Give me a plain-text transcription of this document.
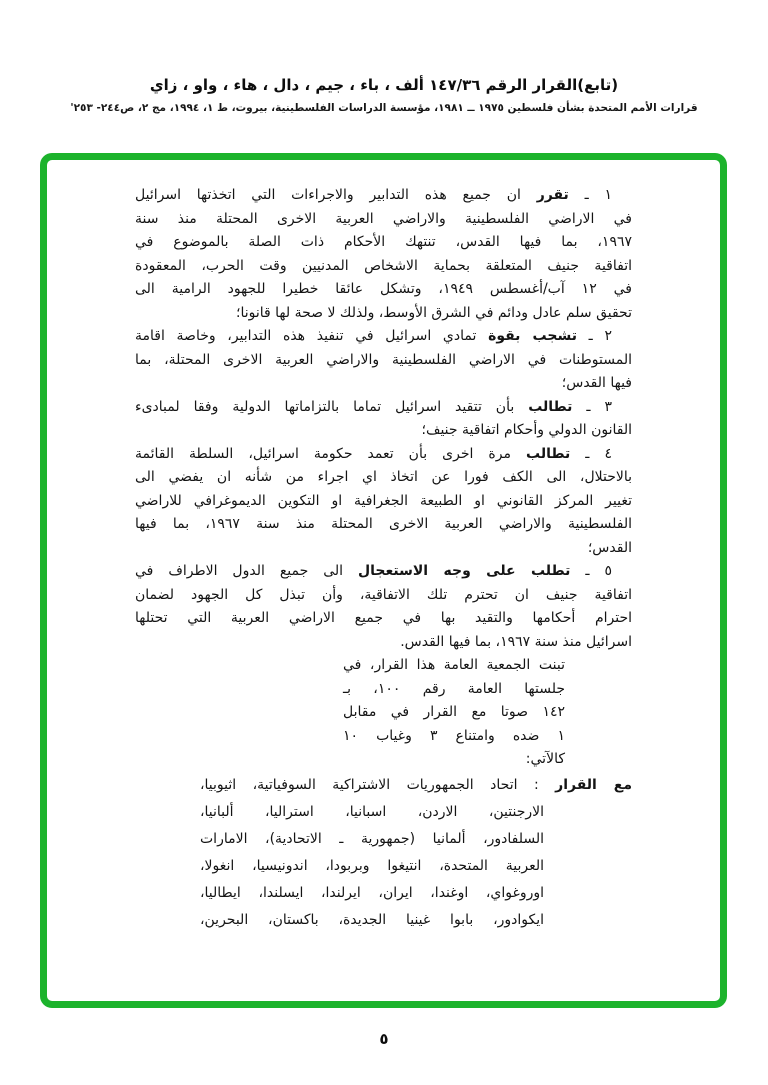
(تابع)القرار الرقم ١٤٧/٣٦ ألف ، باء ، جيم ، دال ، هاء ، واو ، زاي
قرارات الأمم المتحدة بشأن فلسطين ١٩٧٥ ــ ١٩٨١، مؤسسة الدراسات الفلسطينية، بيروت، ط ١، ١٩٩٤، مج ٢، ص٢٤٤- ٢٥٣'
١ ـ تقرر ان جميع هذه التدابير والاجراءات التي اتخذتها اسرائيل
في الاراضي الفلسطينية والاراضي العربية الاخرى المحتلة منذ سنة
١٩٦٧، بما فيها القدس، تنتهك الأحكام ذات الصلة بالموضوع في
اتفاقية جنيف المتعلقة بحماية الاشخاص المدنيين وقت الحرب، المعقودة
في ١٢ آب/أغسطس ١٩٤٩، وتشكل عائقا خطيرا للجهود الرامية الى
تحقيق سلم عادل ودائم في الشرق الأوسط، ولذلك لا صحة لها قانونا؛
٢ ـ تشجب بقوة تمادي اسرائيل في تنفيذ هذه التدابير، وخاصة اقامة
المستوطنات في الاراضي الفلسطينية والاراضي العربية الاخرى المحتلة، بما
فيها القدس؛
٣ ـ تطالب بأن تتقيد اسرائيل تماما بالتزاماتها الدولية وفقا لمبادىء
القانون الدولي وأحكام اتفاقية جنيف؛
٤ ـ تطالب مرة اخرى بأن تعمد حكومة اسرائيل، السلطة القائمة
بالاحتلال، الى الكف فورا عن اتخاذ اي اجراء من شأنه ان يفضي الى
تغيير المركز القانوني او الطبيعة الجغرافية او التكوين الديموغرافي للاراضي
الفلسطينية والاراضي العربية الاخرى المحتلة منذ سنة ١٩٦٧، بما فيها
القدس؛
٥ ـ تطلب على وجه الاستعجال الى جميع الدول الاطراف في
اتفاقية جنيف ان تحترم تلك الاتفاقية، وأن تبذل كل الجهود لضمان
احترام أحكامها والتقيد بها في جميع الاراضي العربية التي تحتلها
اسرائيل منذ سنة ١٩٦٧، بما فيها القدس.
تبنت الجمعية العامة هذا القرار، في
جلستها العامة رقم ١٠٠، بـ
١٤٢ صوتا مع القرار في مقابل
١ ضده وامتناع ٣ وغياب ١٠
كالآتي:
مع القرار : اتحاد الجمهوريات الاشتراكية السوفياتية، اثيوبيا،
الارجنتين، الاردن، اسبانيا، استراليا، ألبانيا،
السلفادور، ألمانيا (جمهورية ـ الاتحادية)، الامارات
العربية المتحدة، انتيغوا وبربودا، اندونيسيا، انغولا،
اوروغواي، اوغندا، ايران، ايرلندا، ايسلندا، ايطاليا،
ايكوادور، بابوا غينيا الجديدة، باكستان، البحرين،
٥
